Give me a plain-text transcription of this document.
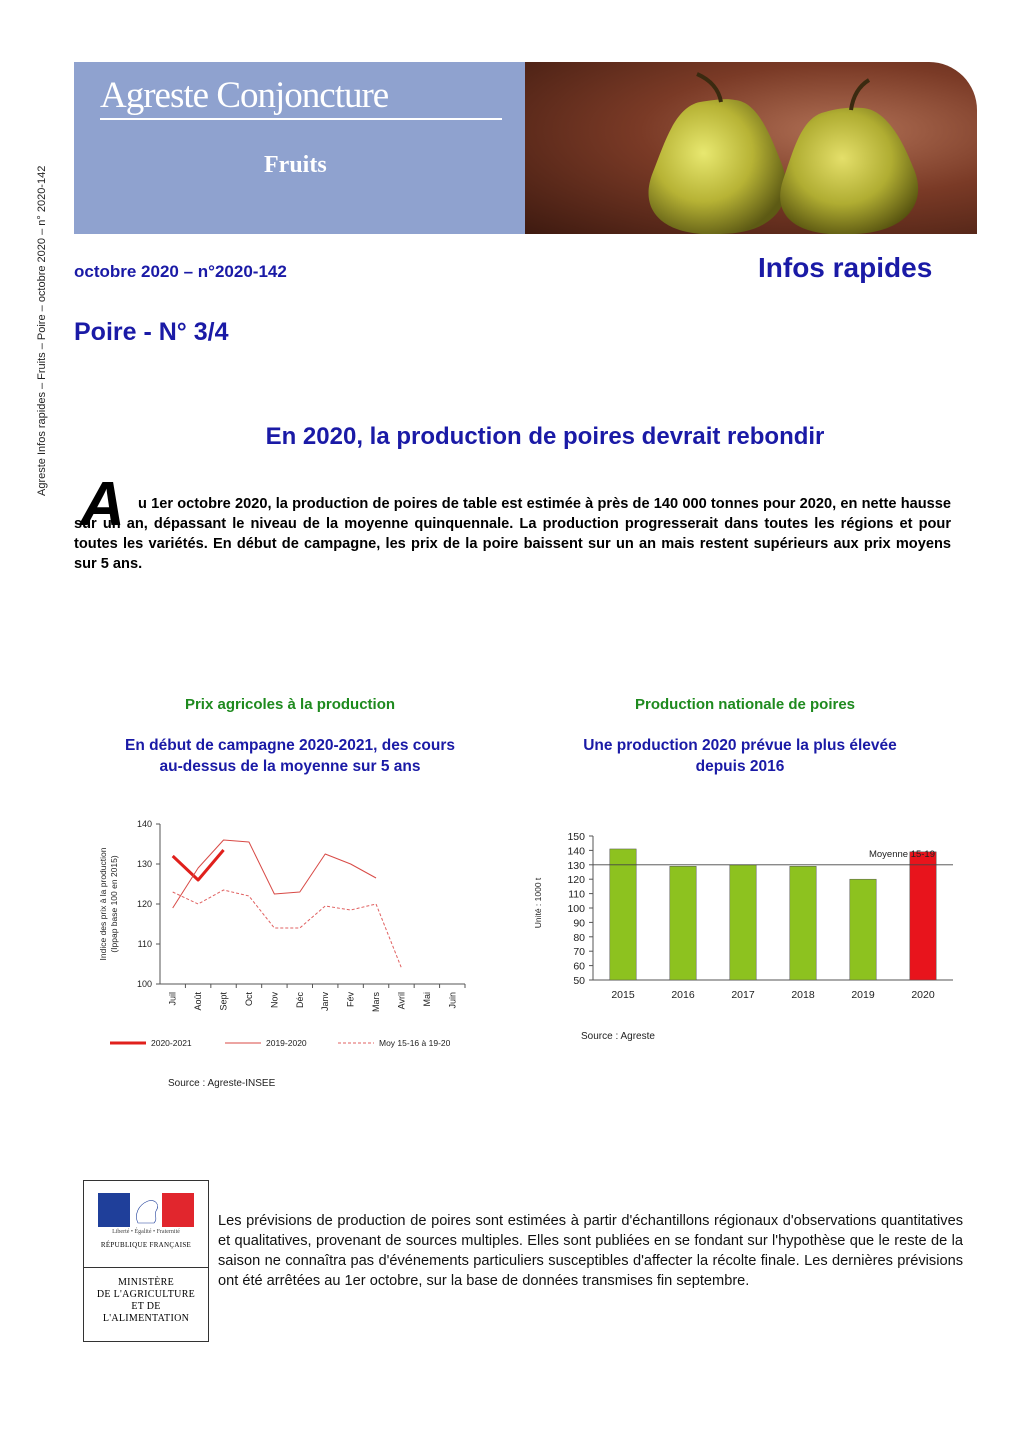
Agreste Infos rapides – Fruits – Poire – octobre 2020 – n° 2020-142
Agreste Conjoncture
Fruits
octobre 2020 – n°2020-142	Infos rapides
Poire - N° 3/4
En 2020, la production de poires devrait rebondir
A u 1er octobre 2020, la production de poires de table est estimée à près de 140 000 tonnes pour 2020, en nette hausse sur un an, dépassant le niveau de la moyenne quinquennale. La production progresserait dans toutes les régions et pour toutes les variétés. En début de campagne, les prix de la poire baissent sur un an mais restent supérieurs aux prix moyens sur 5 ans.
Prix agricoles à la production
En début de campagne 2020-2021, des cours
au-dessus de la moyenne sur 5 ans
Production nationale de poires
Une production 2020 prévue la plus élevée
depuis 2016
100
110
120
130
140
Juil Août Sept Oct Nov Déc Janv Fév Mars Avril Mai Juin
Indice des prix à la production (Ippap base 100 en 2015)
2020-2021	2019-2020	Moy 15-16 à 19-20
Source : Agreste-INSEE
50
60
70
80
90
100
110
120
130
140
150
Unité : 1000 t
2015	2016	2017	2018	2019	2020
Moyenne 15-19
Source : Agreste
Liberté • Égalité • Fraternité
RÉPUBLIQUE FRANÇAISE
MINISTÈRE
DE L'AGRICULTURE
ET DE
L'ALIMENTATION
Les prévisions de production de poires sont estimées à partir d'échantillons régionaux d'observations quantitatives et qualitatives, provenant de sources multiples. Elles sont publiées en se fondant sur l'hypothèse que le reste de la saison ne connaîtra pas d'événements particuliers susceptibles d'affecter la récolte finale. Les dernières prévisions ont été arrêtées au 1er octobre, sur la base de données transmises fin septembre.
